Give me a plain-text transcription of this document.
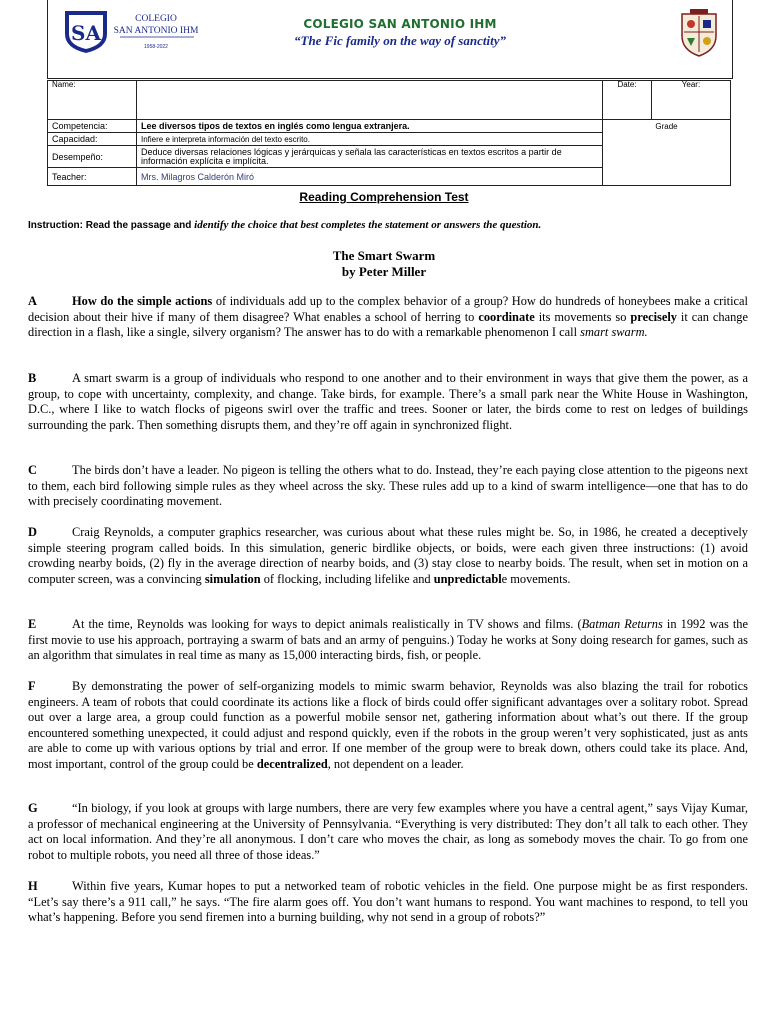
SA
COLEGIO
SAN ANTONIO IHM
1958-2022
COLEGIO SAN ANTONIO IHM
“The Fic family on the way of sanctity”
Name:		Date:	Year:

Competencia:	Lee diversos tipos de textos en inglés como lengua extranjera.	Grade	
Capacidad:	Infiere e interpreta información del texto escrito.		
Desempeño:	Deduce diversas relaciones lógicas y jerárquicas y señala las características en textos escritos a partir de información explícita e implícita.		
Teacher:	Mrs. Milagros Calderón Miró		
Reading Comprehension Test
Instruction: Read the passage and identify the choice that best completes the statement or answers the question.
The Smart Swarm
by Peter Miller
A	How do the simple actions of individuals add up to the complex behavior of a group? How do hundreds of honeybees make a critical decision about their hive if many of them disagree? What enables a school of herring to coordinate its movements so precisely it can change direction in a flash, like a single, silvery organism? The answer has to do with a remarkable phenomenon I call smart swarm.
B	A smart swarm is a group of individuals who respond to one another and to their environment in ways that give them the power, as a group, to cope with uncertainty, complexity, and change. Take birds, for example. There’s a small park near the White House in Washington, D.C., where I like to watch flocks of pigeons swirl over the traffic and trees. Sooner or later, the birds come to rest on ledges of buildings surrounding the park. Then something disrupts them, and they’re off again in synchronized flight.
C	The birds don’t have a leader. No pigeon is telling the others what to do. Instead, they’re each paying close attention to the pigeons next to them, each bird following simple rules as they wheel across the sky. These rules add up to a kind of swarm intelligence—one that has to do with precisely coordinating movement.
D	Craig Reynolds, a computer graphics researcher, was curious about what these rules might be. So, in 1986, he created a deceptively simple steering program called boids. In this simulation, generic birdlike objects, or boids, were each given three instructions: (1) avoid crowding nearby boids, (2) fly in the average direction of nearby boids, and (3) stay close to nearby boids. The result, when set in motion on a computer screen, was a convincing simulation of flocking, including lifelike and unpredictable movements.
E	At the time, Reynolds was looking for ways to depict animals realistically in TV shows and films. (Batman Returns in 1992 was the first movie to use his approach, portraying a swarm of bats and an army of penguins.) Today he works at Sony doing research for games, such as an algorithm that simulates in real time as many as 15,000 interacting birds, fish, or people.
F	By demonstrating the power of self-organizing models to mimic swarm behavior, Reynolds was also blazing the trail for robotics engineers. A team of robots that could coordinate its actions like a flock of birds could offer significant advantages over a solitary robot. Spread out over a large area, a group could function as a powerful mobile sensor net, gathering information about what’s out there. If the group encountered something unexpected, it could adjust and respond quickly, even if the robots in the group weren’t very sophisticated, just as ants are able to come up with various options by trial and error. If one member of the group were to break down, others could take its place. And, most important, control of the group could be decentralized, not dependent on a leader.
G	“In biology, if you look at groups with large numbers, there are very few examples where you have a central agent,” says Vijay Kumar, a professor of mechanical engineering at the University of Pennsylvania. “Everything is very distributed: They don’t all talk to each other. They act on local information. And they’re all anonymous. I don’t care who moves the chair, as long as somebody moves the chair. To go from one robot to multiple robots, you need all three of those ideas.”
H	Within five years, Kumar hopes to put a networked team of robotic vehicles in the field. One purpose might be as first responders. “Let’s say there’s a 911 call,” he says. “The fire alarm goes off. You don’t want humans to respond. You want machines to respond, to tell you what’s happening. Before you send firemen into a burning building, why not send in a group of robots?”
